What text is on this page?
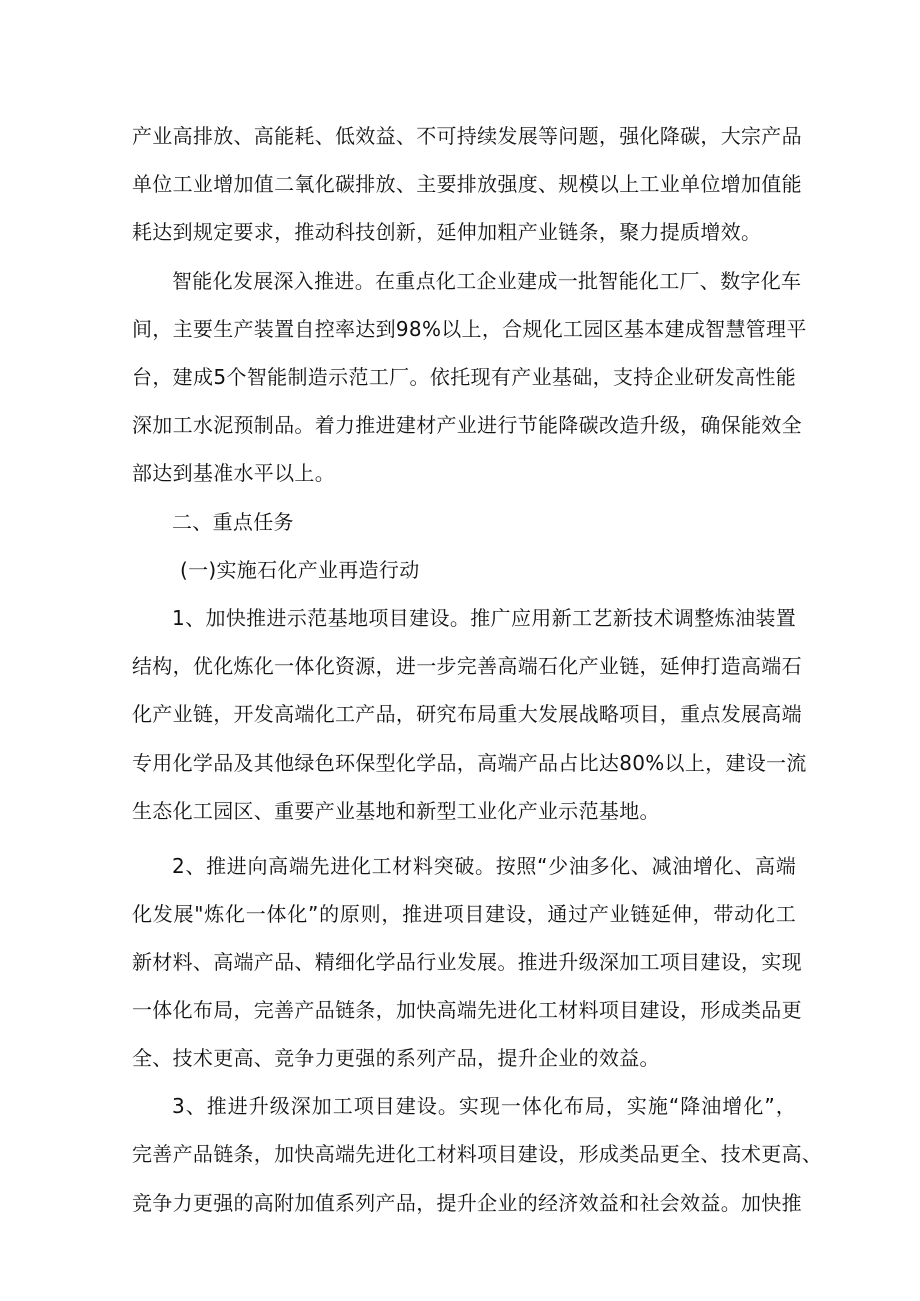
产业高排放、高能耗、低效益、不可持续发展等问题，强化降碳，大宗产品
单位工业增加值二氧化碳排放、主要排放强度、规模以上工业单位增加值能
耗达到规定要求，推动科技创新，延伸加粗产业链条，聚力提质增效。
智能化发展深入推进。在重点化工企业建成一批智能化工厂、数字化车
间，主要生产装置自控率达到98%以上，合规化工园区基本建成智慧管理平
台，建成5个智能制造示范工厂。依托现有产业基础，支持企业研发高性能
深加工水泥预制品。着力推进建材产业进行节能降碳改造升级，确保能效全
部达到基准水平以上。
二、重点任务
(一)实施石化产业再造行动
1、加快推进示范基地项目建设。推广应用新工艺新技术调整炼油装置
结构，优化炼化一体化资源，进一步完善高端石化产业链，延伸打造高端石
化产业链，开发高端化工产品，研究布局重大发展战略项目，重点发展高端
专用化学品及其他绿色环保型化学品，高端产品占比达80%以上，建设一流
生态化工园区、重要产业基地和新型工业化产业示范基地。
2、推进向高端先进化工材料突破。按照“少油多化、减油增化、高端
化发展"炼化一体化”的原则，推进项目建设，通过产业链延伸，带动化工
新材料、高端产品、精细化学品行业发展。推进升级深加工项目建设，实现
一体化布局，完善产品链条，加快高端先进化工材料项目建设，形成类品更
全、技术更高、竞争力更强的系列产品，提升企业的效益。
3、推进升级深加工项目建设。实现一体化布局，实施“降油增化”，
完善产品链条，加快高端先进化工材料项目建设，形成类品更全、技术更高、
竞争力更强的高附加值系列产品，提升企业的经济效益和社会效益。加快推
